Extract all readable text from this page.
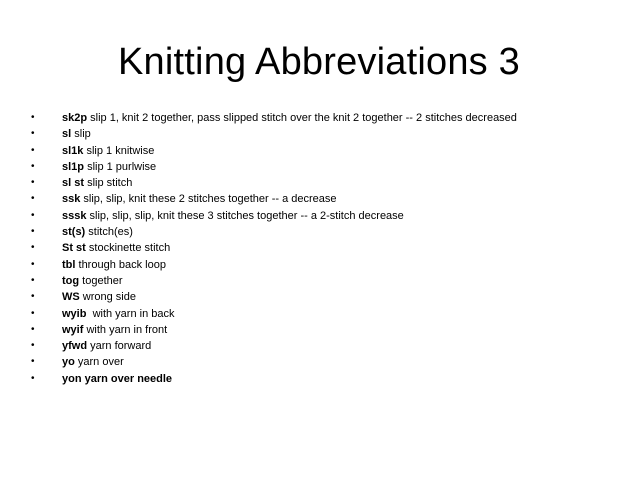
Knitting Abbreviations 3
• sk2p slip 1, knit 2 together, pass slipped stitch over the knit 2 together -- 2 stitches decreased
• sl slip
• sl1k slip 1 knitwise
• sl1p slip 1 purlwise
• sl st slip stitch
• ssk slip, slip, knit these 2 stitches together -- a decrease
• sssk slip, slip, slip, knit these 3 stitches together -- a 2-stitch decrease
• st(s) stitch(es)
• St st stockinette stitch
• tbl through back loop
• tog together
• WS wrong side
• wyib  with yarn in back
• wyif with yarn in front
• yfwd yarn forward
• yo yarn over
• yon yarn over needle
